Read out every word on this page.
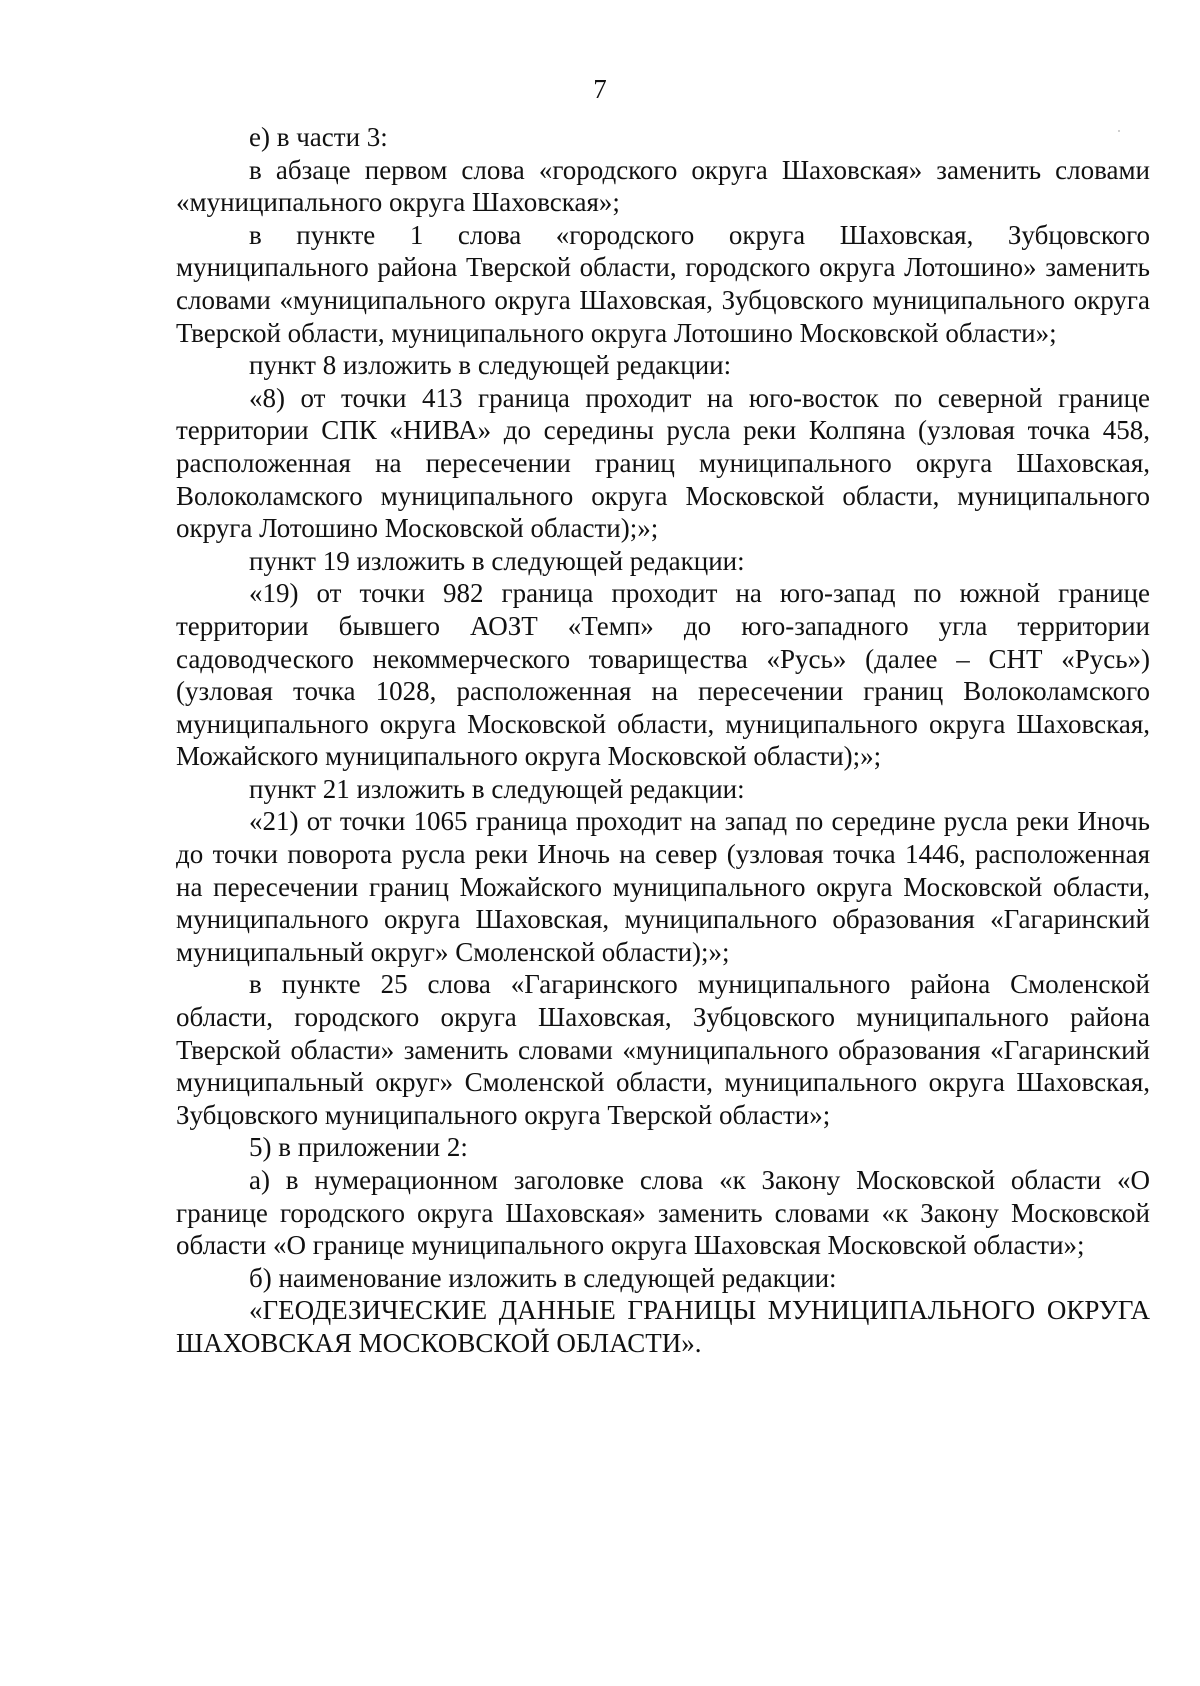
7

е) в части 3:

в абзаце первом слова «городского округа Шаховская» заменить словами «муниципального округа Шаховская»;

в пункте 1 слова «городского округа Шаховская, Зубцовского муниципального района Тверской области, городского округа Лотошино» заменить словами «муниципального округа Шаховская, Зубцовского муниципального округа Тверской области, муниципального округа Лотошино Московской области»;

пункт 8 изложить в следующей редакции:

«8) от точки 413 граница проходит на юго-восток по северной границе территории СПК «НИВА» до середины русла реки Колпяна (узловая точка 458, расположенная на пересечении границ муниципального округа Шаховская, Волоколамского муниципального округа Московской области, муниципального округа Лотошино Московской области);»;

пункт 19 изложить в следующей редакции:

«19) от точки 982 граница проходит на юго-запад по южной границе территории бывшего АОЗТ «Темп» до юго-западного угла территории садоводческого некоммерческого товарищества «Русь» (далее – СНТ «Русь») (узловая точка 1028, расположенная на пересечении границ Волоколамского муниципального округа Московской области, муниципального округа Шаховская, Можайского муниципального округа Московской области);»;

пункт 21 изложить в следующей редакции:

«21) от точки 1065 граница проходит на запад по середине русла реки Иночь до точки поворота русла реки Иночь на север (узловая точка 1446, расположенная на пересечении границ Можайского муниципального округа Московской области, муниципального округа Шаховская, муниципального образования «Гагаринский муниципальный округ» Смоленской области);»;

в пункте 25 слова «Гагаринского муниципального района Смоленской области, городского округа Шаховская, Зубцовского муниципального района Тверской области» заменить словами «муниципального образования «Гагаринский муниципальный округ» Смоленской области, муниципального округа Шаховская, Зубцовского муниципального округа Тверской области»;

5) в приложении 2:

а) в нумерационном заголовке слова «к Закону Московской области «О границе городского округа Шаховская» заменить словами «к Закону Московской области «О границе муниципального округа Шаховская Московской области»;

б) наименование изложить в следующей редакции:

«ГЕОДЕЗИЧЕСКИЕ ДАННЫЕ ГРАНИЦЫ МУНИЦИПАЛЬНОГО ОКРУГА ШАХОВСКАЯ МОСКОВСКОЙ ОБЛАСТИ».
